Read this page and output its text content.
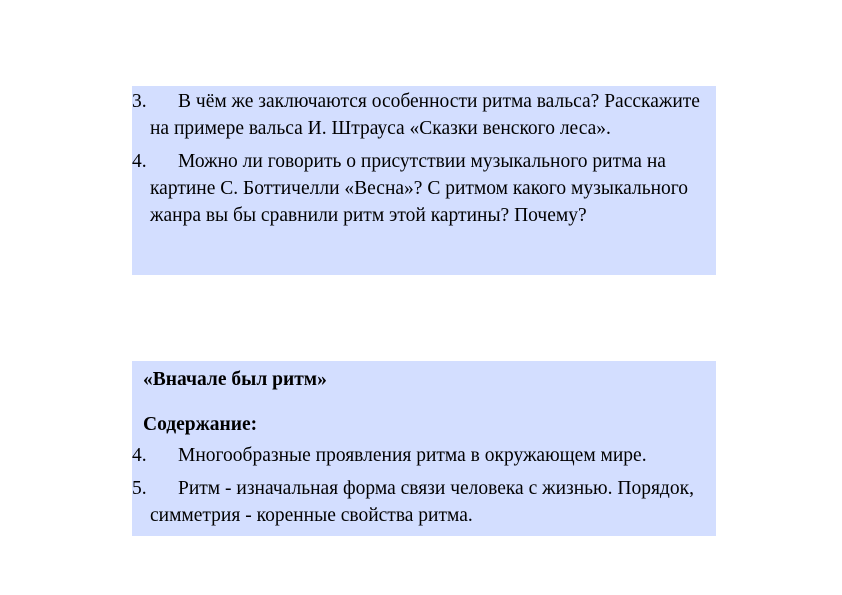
3.	В чём же заключаются особенности ритма вальса? Расскажите на примере вальса И. Штрауса «Сказки венского леса».
4.	Можно ли говорить о присутствии музыкального ритма на картине С. Боттичелли «Весна»? С ритмом какого музыкального жанра вы бы сравнили ритм этой картины? Почему?

«Вначале был ритм»

Содержание:

4.	Многообразные проявления ритма в окружающем мире.
5.	Ритм - изначальная форма связи человека с жизнью. Порядок, симметрия - коренные свойства ритма.
